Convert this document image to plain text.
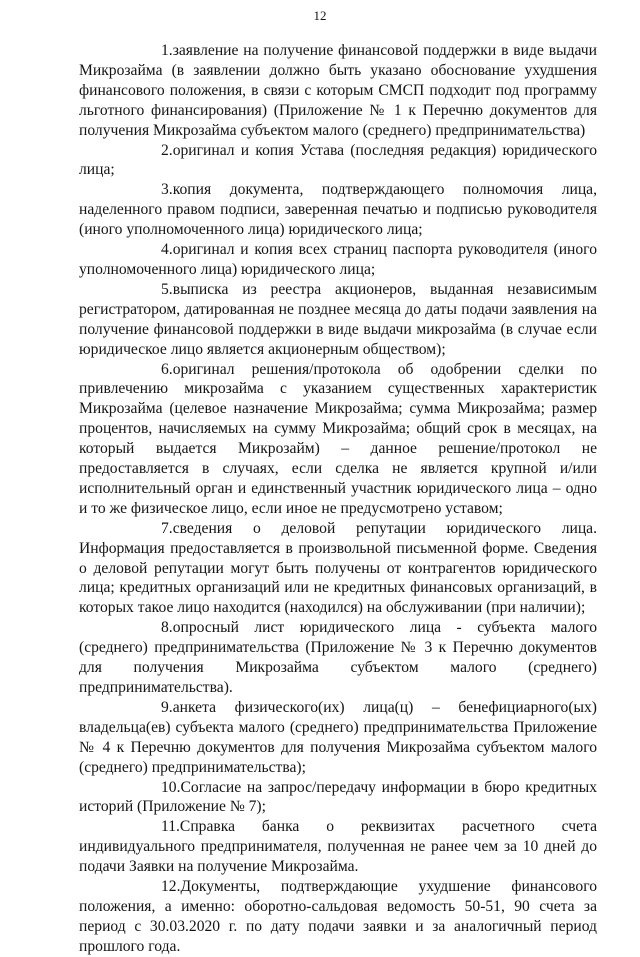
12

1.заявление на получение финансовой поддержки в виде выдачи Микрозайма (в заявлении должно быть указано обоснование ухудшения финансового положения, в связи с которым СМСП подходит под программу льготного финансирования) (Приложение № 1 к Перечню документов для получения Микрозайма субъектом малого (среднего) предпринимательства)

2.оригинал и копия Устава (последняя редакция) юридического лица;

3.копия документа, подтверждающего полномочия лица, наделенного правом подписи, заверенная печатью и подписью руководителя (иного уполномоченного лица) юридического лица;

4.оригинал и копия всех страниц паспорта руководителя (иного уполномоченного лица) юридического лица;

5.выписка из реестра акционеров, выданная независимым регистратором, датированная не позднее месяца до даты подачи заявления на получение финансовой поддержки в виде выдачи микрозайма (в случае если юридическое лицо является акционерным обществом);

6.оригинал решения/протокола об одобрении сделки по привлечению микрозайма с указанием существенных характеристик Микрозайма (целевое назначение Микрозайма; сумма Микрозайма; размер процентов, начисляемых на сумму Микрозайма; общий срок в месяцах, на который выдается Микрозайм) – данное решение/протокол не предоставляется в случаях, если сделка не является крупной и/или исполнительный орган и единственный участник юридического лица – одно и то же физическое лицо, если иное не предусмотрено уставом;

7.сведения о деловой репутации юридического лица. Информация предоставляется в произвольной письменной форме. Сведения о деловой репутации могут быть получены от контрагентов юридического лица; кредитных организаций или не кредитных финансовых организаций, в которых такое лицо находится (находился) на обслуживании (при наличии);

8.опросный лист юридического лица - субъекта малого (среднего) предпринимательства (Приложение № 3 к Перечню документов для получения Микрозайма субъектом малого (среднего) предпринимательства).

9.анкета физического(их) лица(ц) – бенефициарного(ых) владельца(ев) субъекта малого (среднего) предпринимательства Приложение № 4 к Перечню документов для получения Микрозайма субъектом малого (среднего) предпринимательства);

10.Согласие на запрос/передачу информации в бюро кредитных историй (Приложение № 7);

11.Справка банка о реквизитах расчетного счета индивидуального предпринимателя, полученная не ранее чем за 10 дней до подачи Заявки на получение Микрозайма.

12.Документы, подтверждающие ухудшение финансового положения, а именно: оборотно-сальдовая ведомость 50-51, 90 счета за период с 30.03.2020 г. по дату подачи заявки и за аналогичный период прошлого года.
